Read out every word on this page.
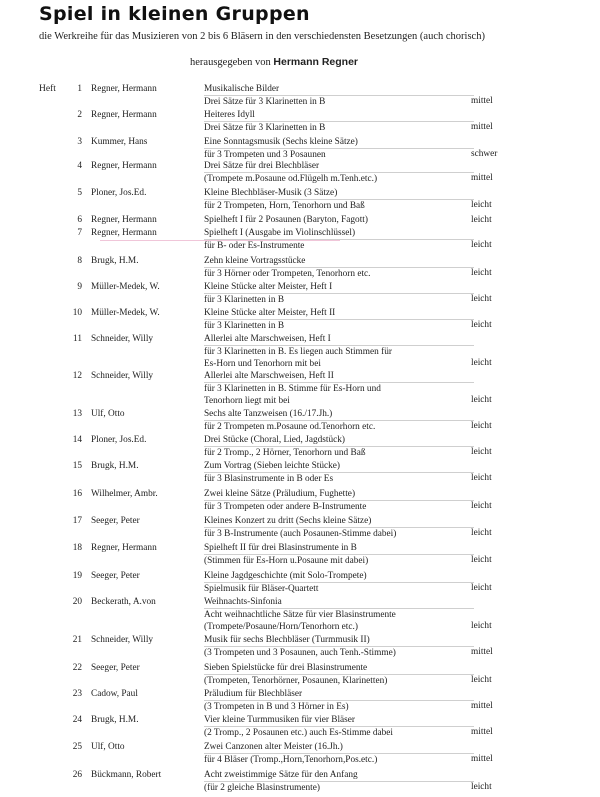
Spiel in kleinen Gruppen
die Werkreihe für das Musizieren von 2 bis 6 Bläsern in den verschiedensten Besetzungen (auch chorisch)
herausgegeben von Hermann Regner
Heft	1 Regner, Hermann	Musikalische Bilder
Drei Sätze für 3 Klarinetten in B	mittel
2 Regner, Hermann	Heiteres Idyll
Drei Sätze für 3 Klarinetten in B	mittel
3 Kummer, Hans	Eine Sonntagsmusik (Sechs kleine Sätze)
für 3 Trompeten und 3 Posaunen	schwer
4 Regner, Hermann	Drei Sätze für drei Blechbläser
(Trompete m.Posaune od.Flügelh m.Tenh.etc.)	mittel
5 Ploner, Jos.Ed.	Kleine Blechbläser-Musik (3 Sätze)
für 2 Trompeten, Horn, Tenorhorn und Baß	leicht
6 Regner, Hermann	Spielheft I für 2 Posaunen (Baryton, Fagott)	leicht
7 Regner, Hermann	Spielheft I (Ausgabe im Violinschlüssel)
für B- oder Es-Instrumente	leicht
8 Brugk, H.M.	Zehn kleine Vortragsstücke
für 3 Hörner oder Trompeten, Tenorhorn etc.	leicht
9 Müller-Medek, W.	Kleine Stücke alter Meister, Heft I
für 3 Klarinetten in B	leicht
10 Müller-Medek, W.	Kleine Stücke alter Meister, Heft II
für 3 Klarinetten in B	leicht
11 Schneider, Willy	Allerlei alte Marschweisen, Heft I
für 3 Klarinetten in B. Es liegen auch Stimmen für
Es-Horn und Tenorhorn mit bei	leicht
12 Schneider, Willy	Allerlei alte Marschweisen, Heft II
für 3 Klarinetten in B. Stimme für Es-Horn und
Tenorhorn liegt mit bei	leicht
13 Ulf, Otto	Sechs alte Tanzweisen (16./17.Jh.)
für 2 Trompeten m.Posaune od.Tenorhorn etc.	leicht
14 Ploner, Jos.Ed.	Drei Stücke (Choral, Lied, Jagdstück)
für 2 Tromp., 2 Hörner, Tenorhorn und Baß	leicht
15 Brugk, H.M.	Zum Vortrag (Sieben leichte Stücke)
für 3 Blasinstrumente in B oder Es	leicht
16 Wilhelmer, Ambr.	Zwei kleine Sätze (Präludium, Fughette)
für 3 Trompeten oder andere B-Instrumente	leicht
17 Seeger, Peter	Kleines Konzert zu dritt (Sechs kleine Sätze)
für 3 B-Instrumente (auch Posaunen-Stimme dabei)	leicht
18 Regner, Hermann	Spielheft II für drei Blasinstrumente in B
(Stimmen für Es-Horn u.Posaune mit dabei)	leicht
19 Seeger, Peter	Kleine Jagdgeschichte (mit Solo-Trompete)
Spielmusik für Bläser-Quartett	leicht
20 Beckerath, A.von	Weihnachts-Sinfonia
Acht weihnachtliche Sätze für vier Blasinstrumente
(Trompete/Posaune/Horn/Tenorhorn etc.)	leicht
21 Schneider, Willy	Musik für sechs Blechbläser (Turmmusik II)
(3 Trompeten und 3 Posaunen, auch Tenh.-Stimme)	mittel
22 Seeger, Peter	Sieben Spielstücke für drei Blasinstrumente
(Trompeten, Tenorhörner, Posaunen, Klarinetten)	leicht
23 Cadow, Paul	Präludium für Blechbläser
(3 Trompeten in B und 3 Hörner in Es)	mittel
24 Brugk, H.M.	Vier kleine Turmmusiken für vier Bläser
(2 Tromp., 2 Posaunen etc.) auch Es-Stimme dabei	mittel
25 Ulf, Otto	Zwei Canzonen alter Meister (16.Jh.)
für 4 Bläser (Tromp.,Horn,Tenorhorn,Pos.etc.)	mittel
26 Bückmann, Robert	Acht zweistimmige Sätze für den Anfang
(für 2 gleiche Blasinstrumente)	leicht
